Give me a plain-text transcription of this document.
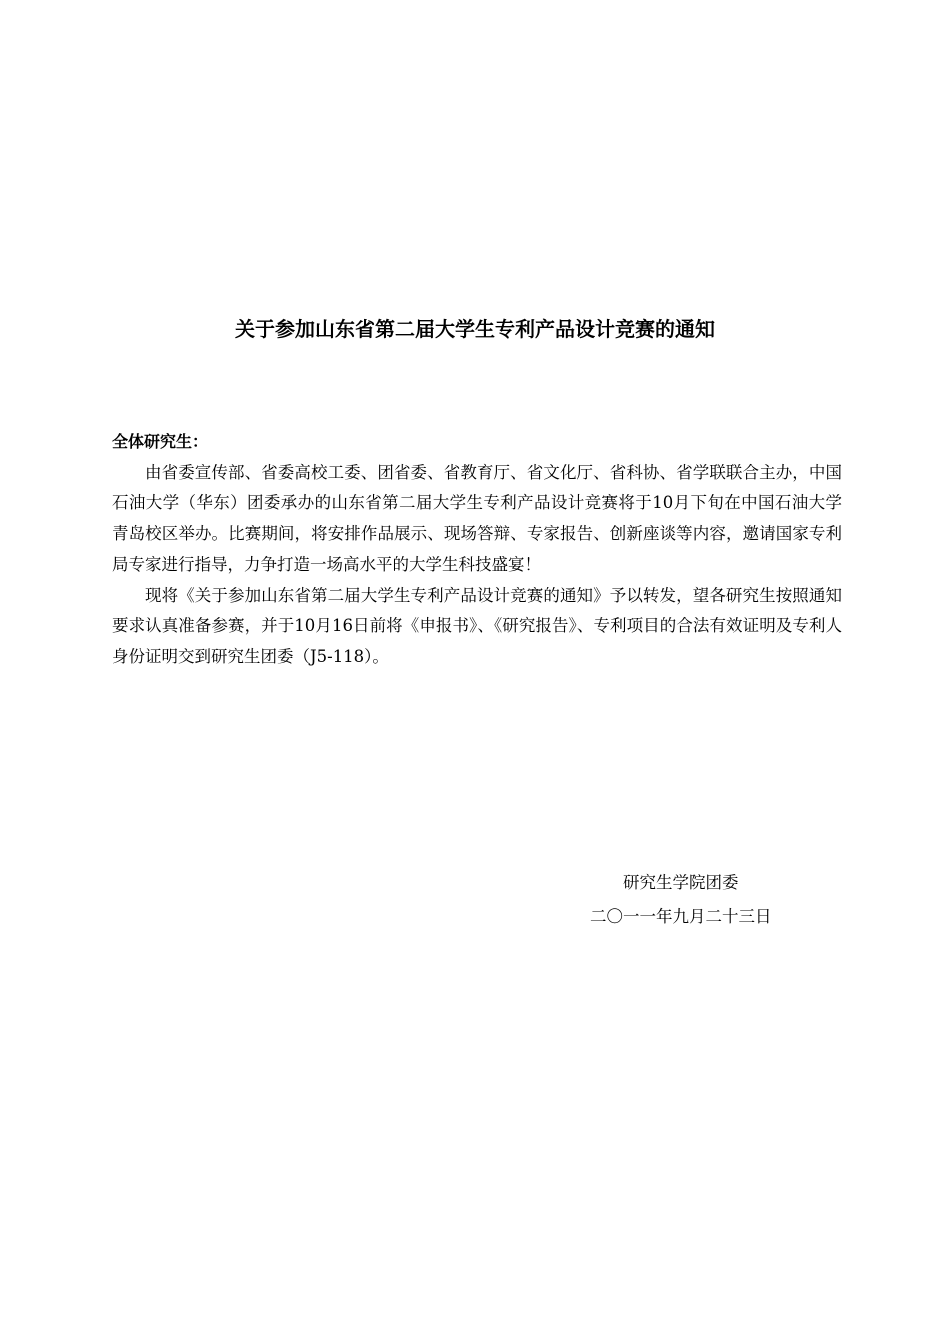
关于参加山东省第二届大学生专利产品设计竞赛的通知

全体研究生：

由省委宣传部、省委高校工委、团省委、省教育厅、省文化厅、省科协、省学联联合主办，中国石油大学（华东）团委承办的山东省第二届大学生专利产品设计竞赛将于10月下旬在中国石油大学青岛校区举办。比赛期间，将安排作品展示、现场答辩、专家报告、创新座谈等内容，邀请国家专利局专家进行指导，力争打造一场高水平的大学生科技盛宴！

现将《关于参加山东省第二届大学生专利产品设计竞赛的通知》予以转发，望各研究生按照通知要求认真准备参赛，并于10月16日前将《申报书》、《研究报告》、专利项目的合法有效证明及专利人身份证明交到研究生团委（J5-118）。

研究生学院团委
二〇一一年九月二十三日
